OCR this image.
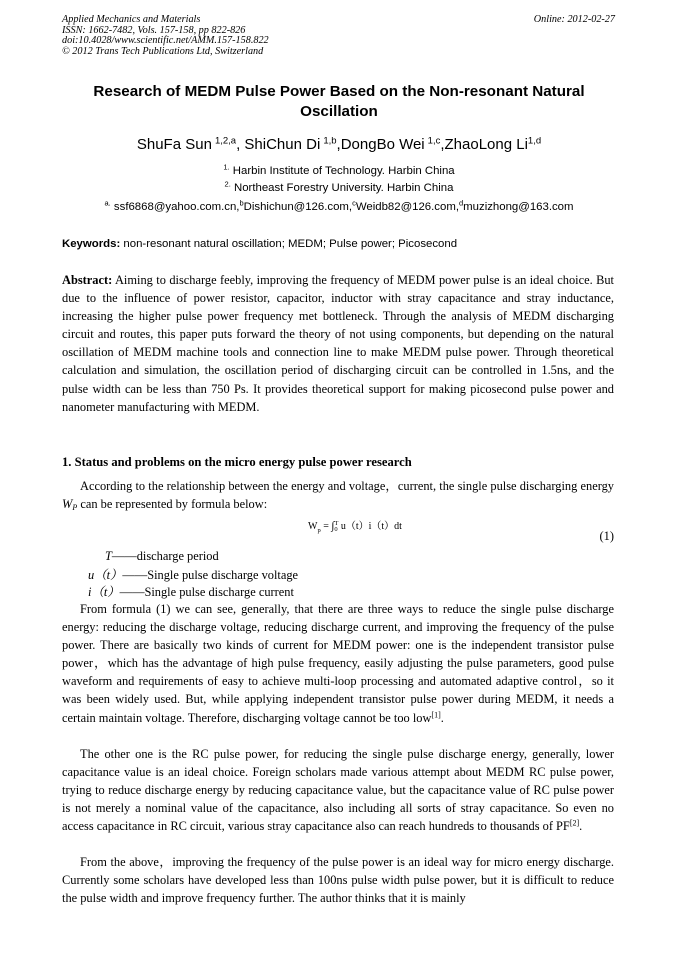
Applied Mechanics and Materials
ISSN: 1662-7482, Vols. 157-158, pp 822-826
doi:10.4028/www.scientific.net/AMM.157-158.822
© 2012 Trans Tech Publications Ltd, Switzerland
Online: 2012-02-27
Research of MEDM Pulse Power Based on the Non-resonant Natural Oscillation
ShuFa Sun  $^{1,2,a}$, ShiChun Di  $^{1,b}$,DongBo Wei  $^{1,c}$,ZhaoLong Li$^{1,d}$
$^{1.}$ Harbin Institute of Technology. Harbin China
$^{2.}$ Northeast Forestry University. Harbin China
$^{a.}$ ssf6868@yahoo.com.cn,$^b$Dishichun@126.com,$^c$Weidb82@126.com,$^d$muzizhong@163.com
Keywords: non-resonant natural oscillation; MEDM; Pulse power; Picosecond
Abstract: Aiming to discharge feebly, improving the frequency of MEDM power pulse is an ideal choice. But due to the influence of power resistor, capacitor, inductor with stray capacitance and stray inductance, increasing the higher pulse power frequency met bottleneck. Through the analysis of MEDM discharging circuit and routes, this paper puts forward the theory of not using components, but depending on the natural oscillation of MEDM machine tools and connection line to make MEDM pulse power. Through theoretical calculation and simulation, the oscillation period of discharging circuit can be controlled in 1.5ns, and the pulse width can be less than 750 Ps. It provides theoretical support for making picosecond pulse power and nanometer manufacturing with MEDM.
1. Status and problems on the micro energy pulse power research
According to the relationship between the energy and voltage，current, the single pulse discharging energy WP can be represented by formula below:
$W_p = \int T$
0 u（t）i（t）dt
(1)
T——discharge period
u（t）——Single pulse discharge voltage
i（t）——Single pulse discharge current
From formula (1) we can see, generally, that there are three ways to reduce the single pulse discharge energy: reducing the discharge voltage, reducing discharge current, and improving the frequency of the pulse power. There are basically two kinds of current for MEDM power: one is the independent transistor pulse power，which has the advantage of high pulse frequency, easily adjusting the pulse parameters, good pulse waveform and requirements of easy to achieve multi-loop processing and automated adaptive control，so it was been widely used. But, while applying independent transistor pulse power during MEDM, it needs a certain maintain voltage. Therefore, discharging voltage cannot be too low[1].
The other one is the RC pulse power, for reducing the single pulse discharge energy, generally, lower capacitance value is an ideal choice. Foreign scholars made various attempt about MEDM RC pulse power, trying to reduce discharge energy by reducing capacitance value, but the capacitance value of RC pulse power is not merely a nominal value of the capacitance, also including all sorts of stray capacitance. So even no access capacitance in RC circuit, various stray capacitance also can reach hundreds to thousands of PF[2].
From the above，improving the frequency of the pulse power is an ideal way for micro energy discharge. Currently some scholars have developed less than 100ns pulse width pulse power, but it is difficult to reduce the pulse width and improve frequency further. The author thinks that it is mainly
